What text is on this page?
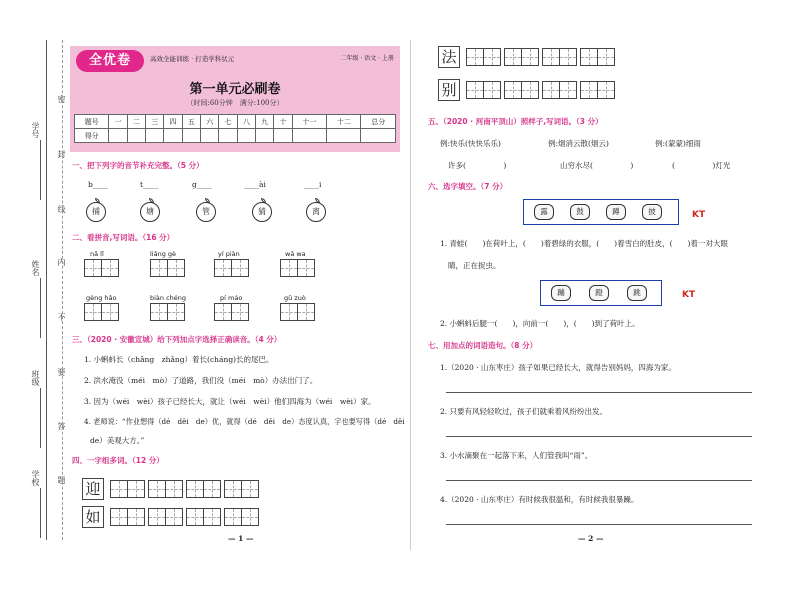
学号
姓名
班级
学校
密
封
线
内
不
要
答
题
全优卷	高效全能训练 · 打造学科状元	二年级 · 语文 · 上册
第一单元必刷卷
（时间:60分钟　满分:100分）
题号	一	二	三	四	五	六	七	八	九	十	十一	十二	总分
得分													
一、把下列字的音节补充完整。（5 分）
b____	t____	g____	____ài	____i
捕	塘	管	猜	离
二、看拼音,写词语。（16 分）
nǎ lǐ	liǎng gè	yí piàn	wā wa
gèng hǎo	biàn chéng	pí máo	gǔ zuò
三、（2020 · 安徽宣城）给下列加点字选择正确读音。（4 分）
1. 小蝌蚪长（chǎng　zhǎng）着长(cháng)长的尾巴。
2. 洪水淹没（méi　mò）了道路，我们没（méi　mò）办法出门了。
3. 因为（wéi　wèi）孩子已经长大，就让（wéi　wèi）他们四海为（wéi　wèi）家。
4. 老师说：“作业想得（dé　děi　de）优，就得（dé　děi　de）态度认真，字也要写得（dé　děi
de）美观大方。”
四、一字组多词。（12 分）
迎
如
— 1 —
法
别
五、（2020 · 河南平顶山）照样子,写词语。（3 分）
例:快乐(快快乐乐)	例:烟消云散(烟云)	例:(蒙蒙)细雨
许多(　　　　　)	山穷水尽(　　　　　)	(　　　　　)灯光
六、选字填空。（7 分）
露	鼓	蹲	披	KT
1. 青蛙(　　)在荷叶上，(　　)着碧绿的衣服，(　　)着雪白的肚皮，(　　)着一对大眼
睛，正在捉虫。
蹦	蹬	跳	KT
2. 小蝌蚪后腿一(　　)，向前一(　　)，(　　)到了荷叶上。
七、用加点的词语造句。（8 分）
1.（2020 · 山东枣庄）孩子如果已经长大，就得告别妈妈，四海为家。
2. 只要有风轻轻吹过，孩子们就乘着风纷纷出发。
3. 小水滴聚在一起落下来，人们管我叫“雨”。
4.（2020 · 山东枣庄）有时候我很温和，有时候我很暴躁。
— 2 —
